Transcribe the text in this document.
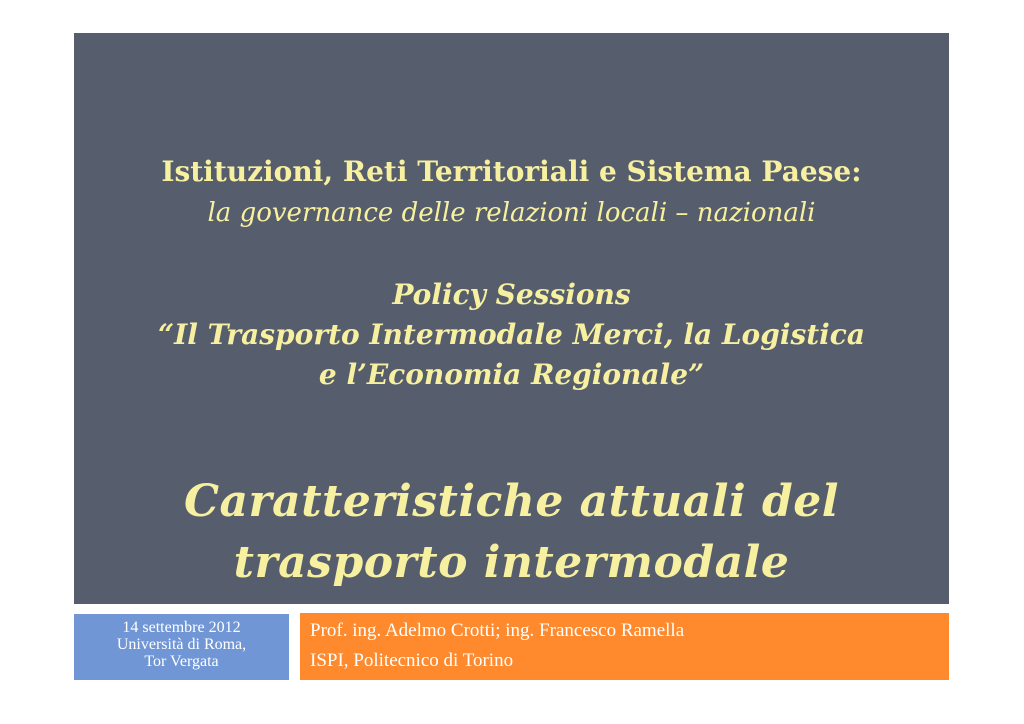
Istituzioni, Reti Territoriali e Sistema Paese:
la governance delle relazioni locali – nazionali
Policy Sessions
“Il Trasporto Intermodale Merci, la Logistica
e l’Economia Regionale”
Caratteristiche attuali del
trasporto intermodale
14 settembre 2012
Università di Roma,
Tor Vergata
Prof. ing. Adelmo Crotti; ing. Francesco Ramella
ISPI, Politecnico di Torino
